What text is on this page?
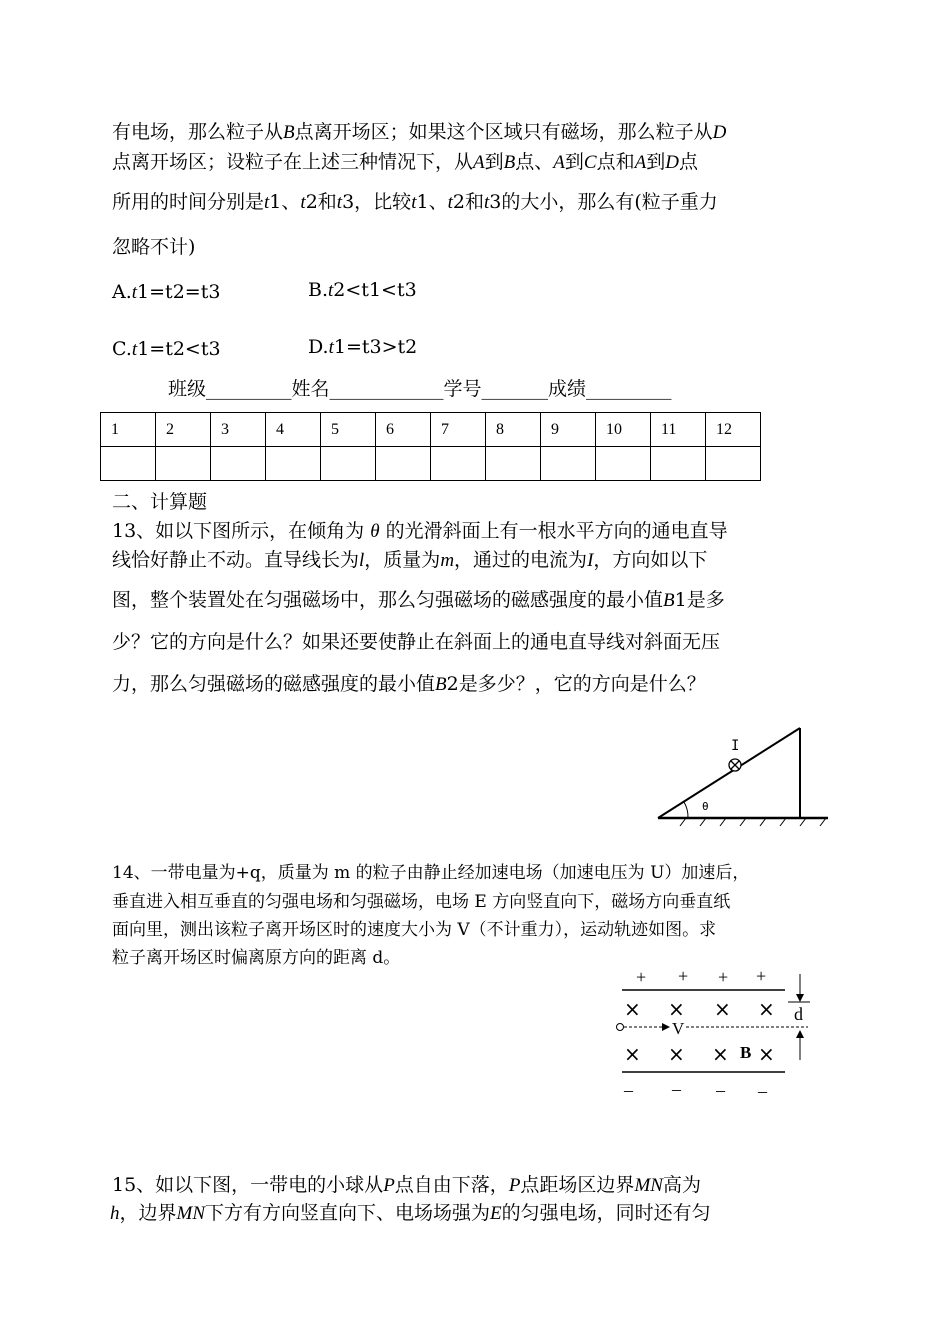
有电场，那么粒子从B点离开场区；如果这个区域只有磁场，那么粒子从D
点离开场区；设粒子在上述三种情况下，从A到B点、A到C点和A到D点
所用的时间分别是t1、t2和t3，比较t1、t2和t3的大小，那么有(粒子重力
忽略不计)
A.t1=t2=t3	B.t2<t1<t3
C.t1=t2<t3	D.t1=t3>t2
班级_________姓名____________学号_______成绩_________
1	2	3	4	5	6	7	8	9	10	11	12

二、计算题
13、如以下图所示，在倾角为 θ 的光滑斜面上有一根水平方向的通电直导
线恰好静止不动。直导线长为l，质量为m，通过的电流为I，方向如以下
图，整个装置处在匀强磁场中，那么匀强磁场的磁感强度的最小值B1是多
少？它的方向是什么？如果还要使静止在斜面上的通电直导线对斜面无压
力，那么匀强磁场的磁感强度的最小值B2是多少？，它的方向是什么？
θ
I
14、一带电量为+q，质量为 m 的粒子由静止经加速电场（加速电压为 U）加速后，
垂直进入相互垂直的匀强电场和匀强磁场，电场 E 方向竖直向下，磁场方向垂直纸
面向里，测出该粒子离开场区时的速度大小为 V（不计重力），运动轨迹如图。求
粒子离开场区时偏离原方向的距离 d。
+ + + +
× × × ×
V
× × × ×
B
– – – –
d
15、如以下图，一带电的小球从P点自由下落，P点距场区边界MN高为
h，边界MN下方有方向竖直向下、电场场强为E的匀强电场，同时还有匀
